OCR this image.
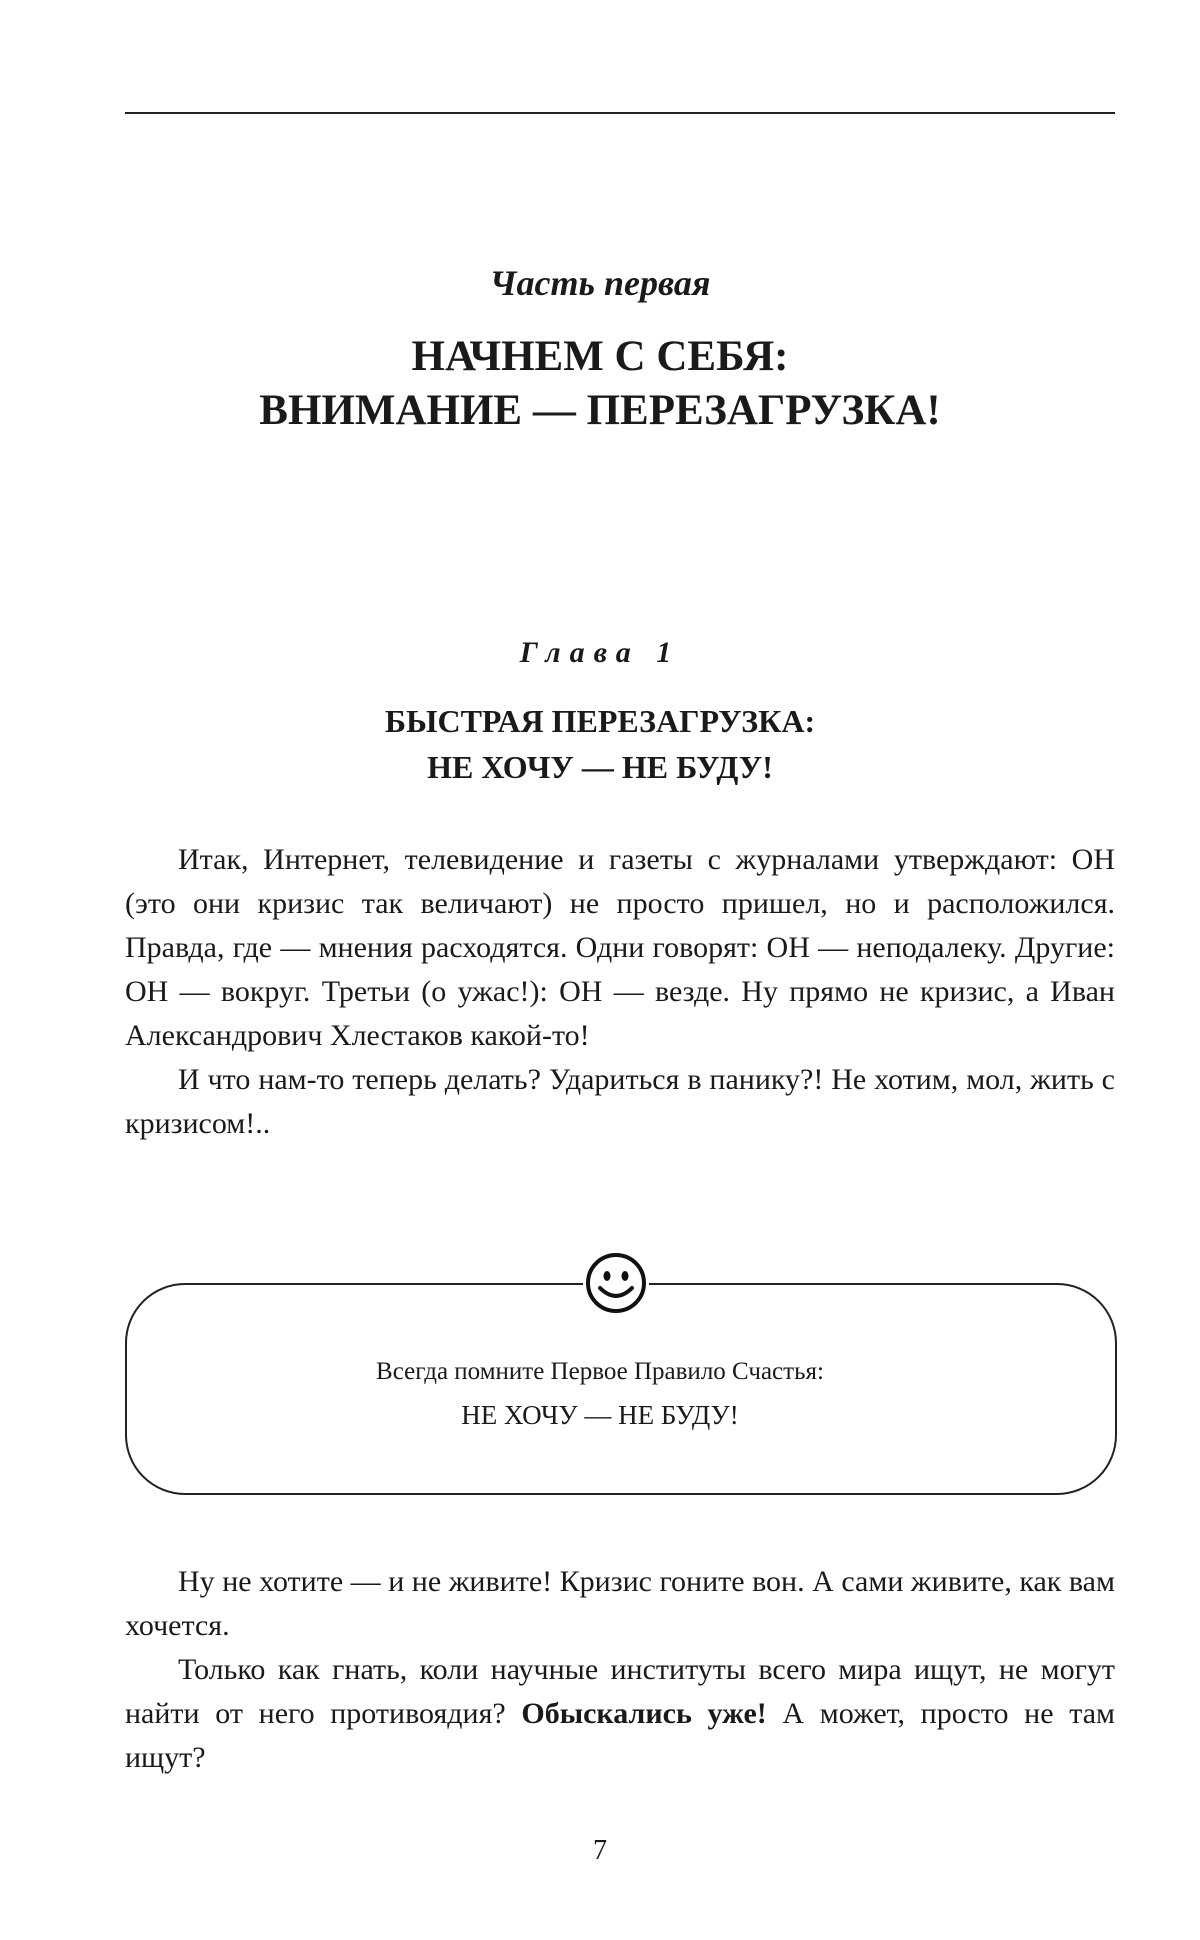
Часть первая
НАЧНЕМ С СЕБЯ:
ВНИМАНИЕ — ПЕРЕЗАГРУЗКА!
Глава 1
БЫСТРАЯ ПЕРЕЗАГРУЗКА:
НЕ ХОЧУ — НЕ БУДУ!

Итак, Интернет, телевидение и газеты с журналами утверждают: ОН (это они кризис так величают) не просто пришел, но и расположился. Правда, где — мнения расходятся. Одни говорят: ОН — неподалеку. Другие: ОН — вокруг. Третьи (о ужас!): ОН — везде. Ну прямо не кризис, а Иван Александрович Хлестаков какой-то!

И что нам-то теперь делать? Удариться в панику?! Не хотим, мол, жить с кризисом!..

Всегда помните Первое Правило Счастья:
НЕ ХОЧУ — НЕ БУДУ!

Ну не хотите — и не живите! Кризис гоните вон. А сами живите, как вам хочется.

Только как гнать, коли научные институты всего мира ищут, не могут найти от него противоядия? Обыскались уже! А может, просто не там ищут?

7
